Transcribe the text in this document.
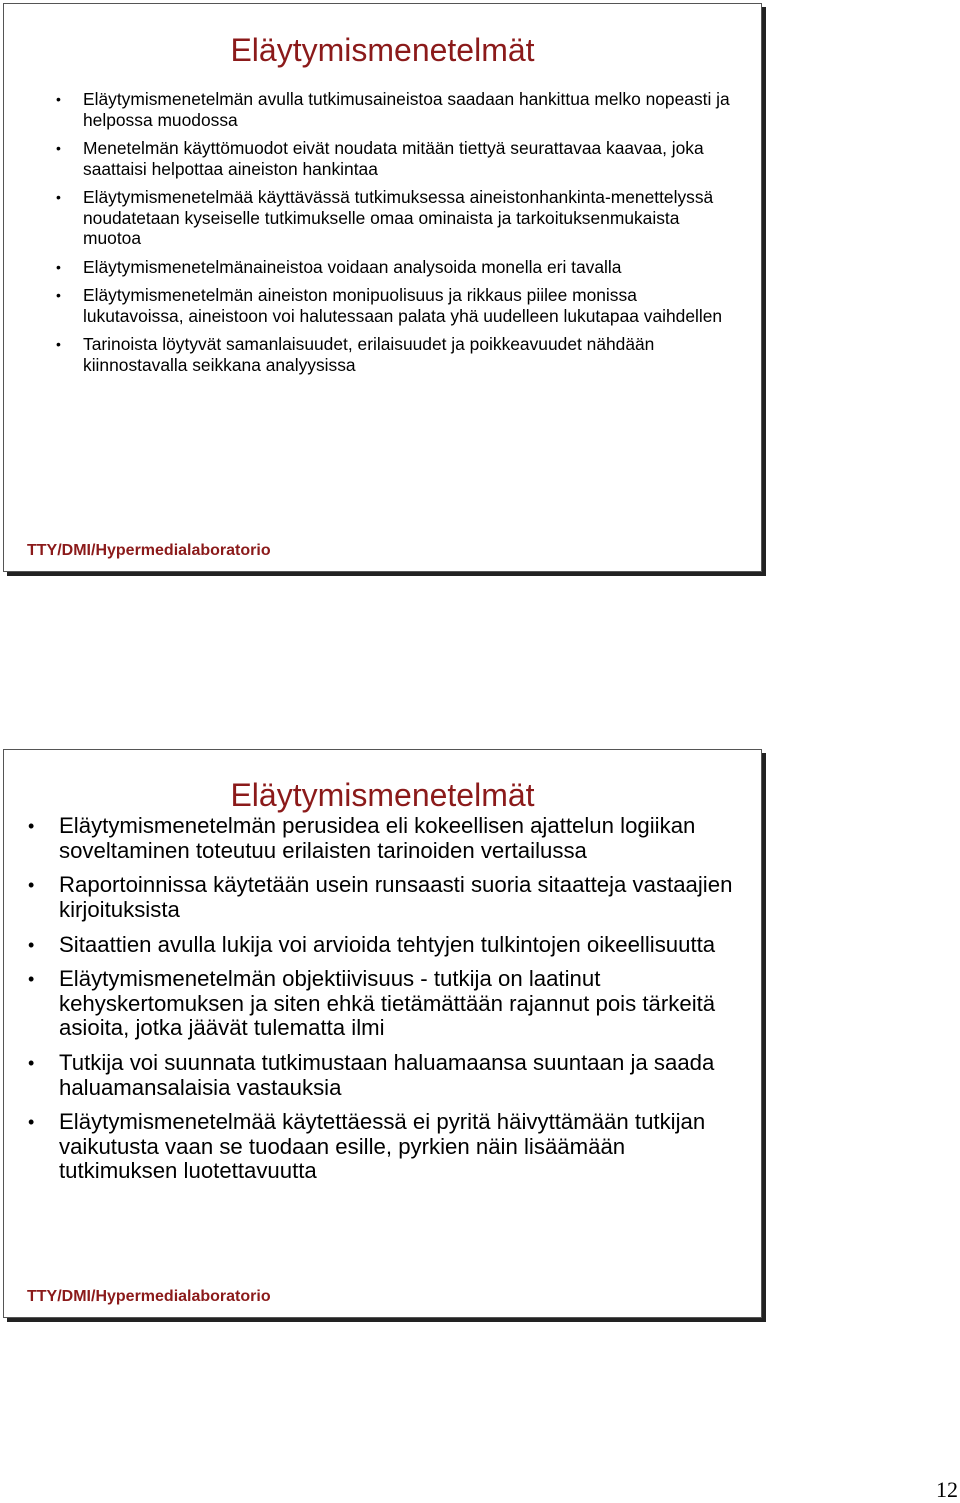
Eläytymismenetelmät
• Eläytymismenetelmän avulla tutkimusaineistoa saadaan hankittua melko nopeasti ja helpossa muodossa
• Menetelmän käyttömuodot eivät noudata mitään tiettyä seurattavaa kaavaa, joka saattaisi helpottaa aineiston hankintaa
• Eläytymismenetelmää käyttävässä tutkimuksessa aineistonhankinta-menettelyssä noudatetaan kyseiselle tutkimukselle omaa ominaista ja tarkoituksenmukaista muotoa
• Eläytymismenetelmänaineistoa voidaan analysoida monella eri tavalla
• Eläytymismenetelmän aineiston monipuolisuus ja rikkaus piilee monissa lukutavoissa, aineistoon voi halutessaan palata yhä uudelleen lukutapaa vaihdellen
• Tarinoista löytyvät samanlaisuudet, erilaisuudet ja poikkeavuudet nähdään kiinnostavalla seikkana analyysissa
TTY/DMI/Hypermedialaboratorio
Eläytymismenetelmät
• Eläytymismenetelmän perusidea eli kokeellisen ajattelun logiikan soveltaminen toteutuu erilaisten tarinoiden vertailussa
• Raportoinnissa käytetään usein runsaasti suoria sitaatteja vastaajien kirjoituksista
• Sitaattien avulla lukija voi arvioida tehtyjen tulkintojen oikeellisuutta
• Eläytymismenetelmän objektiivisuus - tutkija on laatinut kehyskertomuksen ja siten ehkä tietämättään rajannut pois tärkeitä asioita, jotka jäävät tulematta ilmi
• Tutkija voi suunnata tutkimustaan haluamaansa suuntaan ja saada haluamansalaisia vastauksia
• Eläytymismenetelmää käytettäessä ei pyritä häivyttämään tutkijan vaikutusta vaan se tuodaan esille, pyrkien näin lisäämään tutkimuksen luotettavuutta
TTY/DMI/Hypermedialaboratorio
12
